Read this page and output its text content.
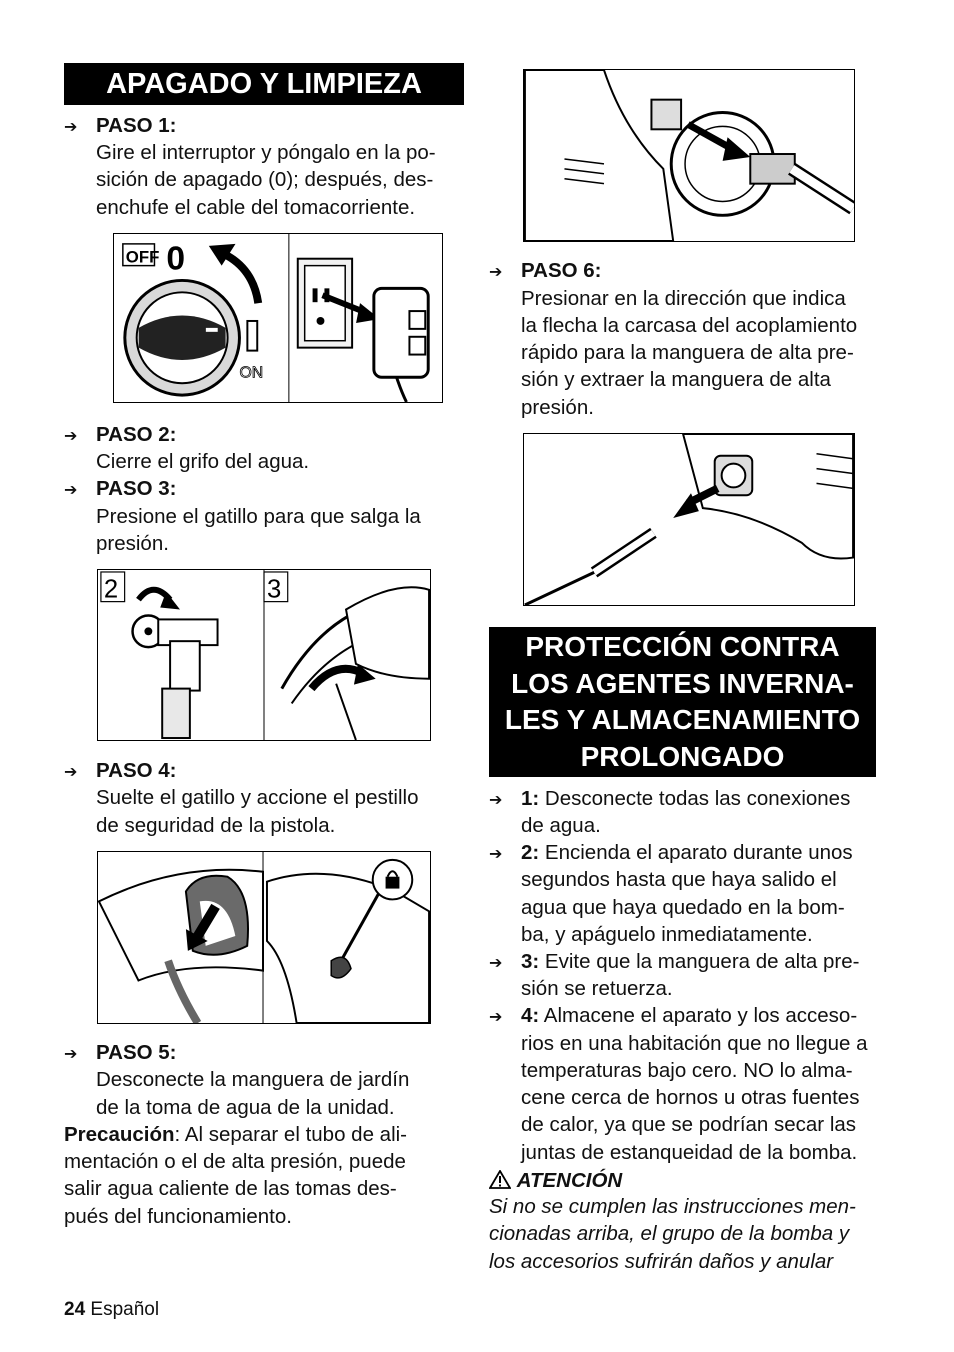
APAGADO Y LIMPIEZA
➔ PASO 1:
Gire el interruptor y póngalo en la po-
sición de apagado (0); después, des-
enchufe el cable del tomacorriente.
OFF 0
ON
➔ PASO 2:
Cierre el grifo del agua.
➔ PASO 3:
Presione el gatillo para que salga la
presión.
2	3
➔ PASO 4:
Suelte el gatillo y accione el pestillo
de seguridad de la pistola.
➔ PASO 5:
Desconecte la manguera de jardín
de la toma de agua de la unidad.
Precaución: Al separar el tubo de ali-
mentación o el de alta presión, puede
salir agua caliente de las tomas des-
pués del funcionamiento.
➔ PASO 6:
Presionar en la dirección que indica
la flecha la carcasa del acoplamiento
rápido para la manguera de alta pre-
sión y extraer la manguera de alta
presión.
PROTECCIÓN CONTRA
LOS AGENTES INVERNA-
LES Y ALMACENAMIENTO
PROLONGADO
➔ 1: Desconecte todas las conexiones
de agua.
➔ 2: Encienda el aparato durante unos
segundos hasta que haya salido el
agua que haya quedado en la bom-
ba, y apáguelo inmediatamente.
➔ 3: Evite que la manguera de alta pre-
sión se retuerza.
➔ 4: Almacene el aparato y los acceso-
rios en una habitación que no llegue a
temperaturas bajo cero. NO lo alma-
cene cerca de hornos u otras fuentes
de calor, ya que se podrían secar las
juntas de estanqueidad de la bomba.
ATENCIÓN
Si no se cumplen las instrucciones men-
cionadas arriba, el grupo de la bomba y
los accesorios sufrirán daños y anular
24 Español
